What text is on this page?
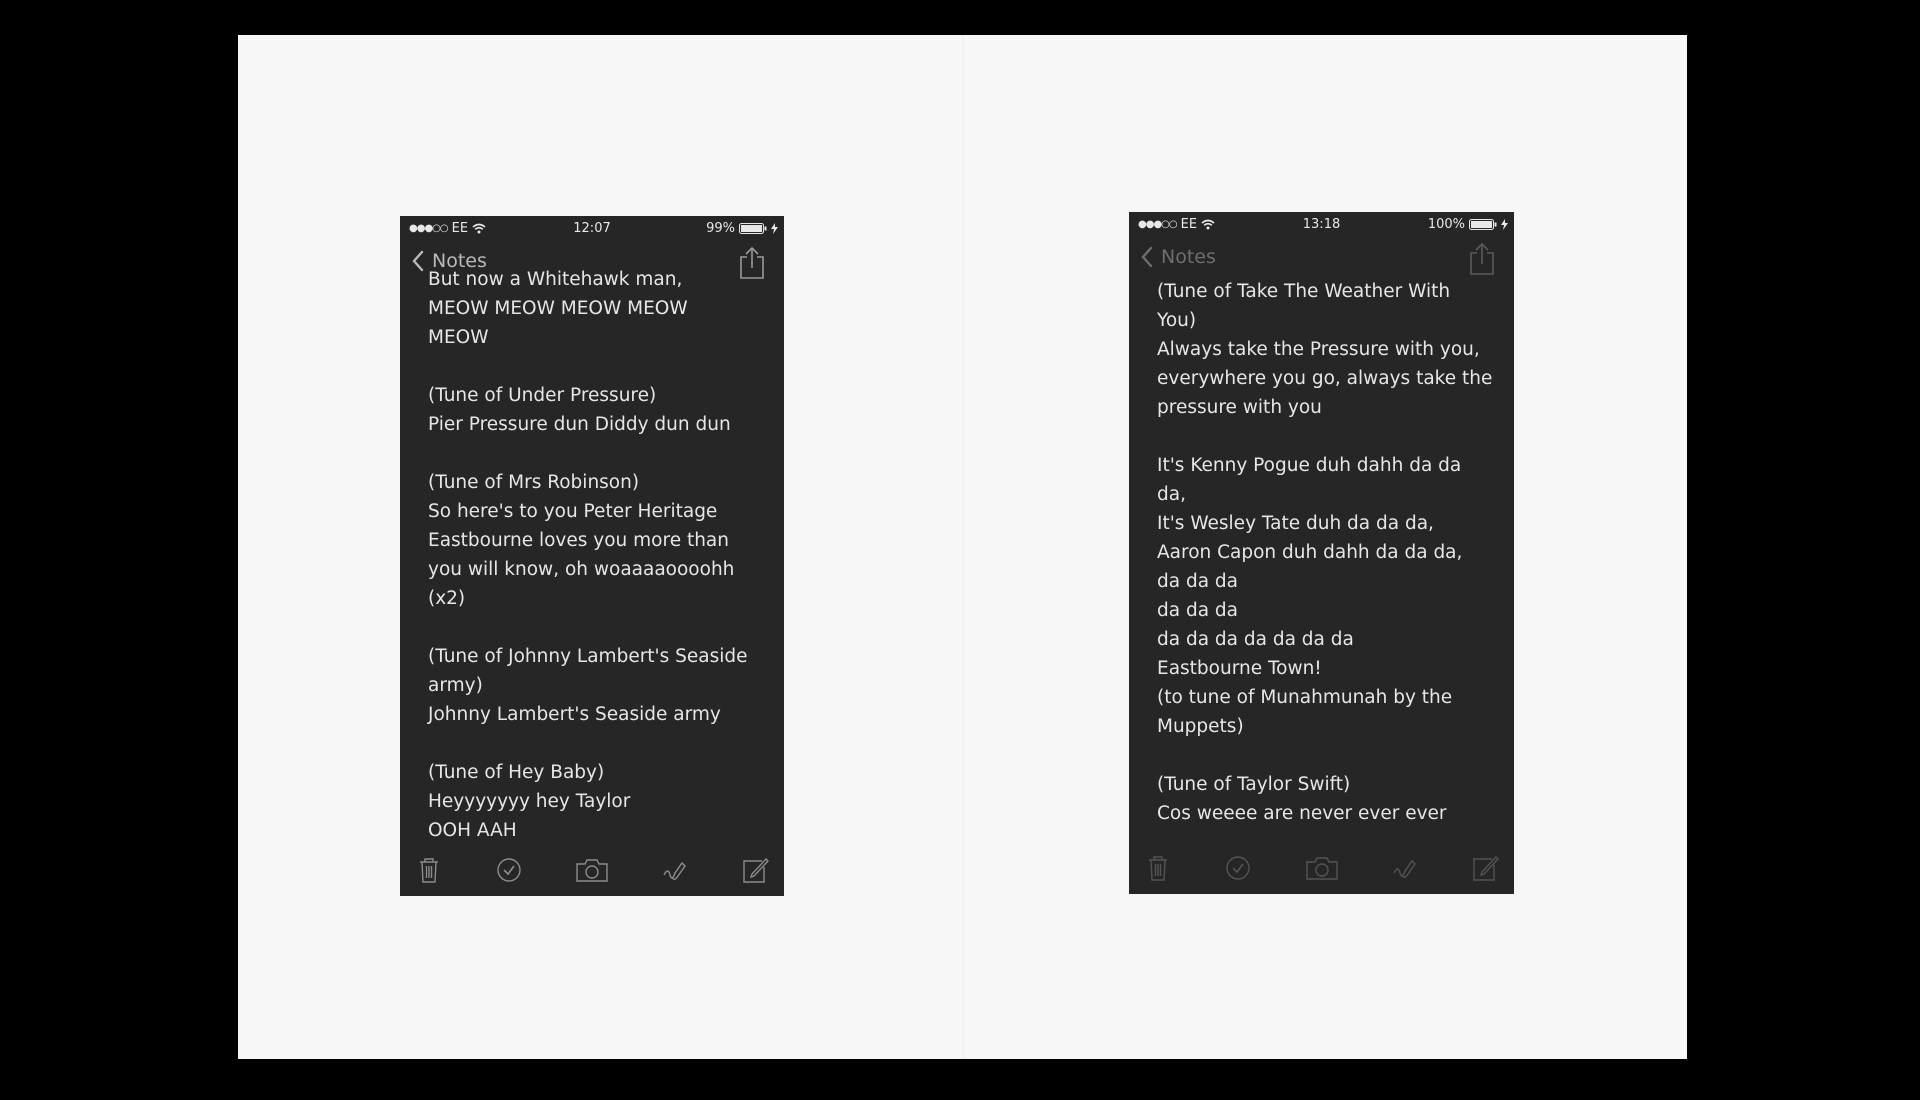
●●●○○ EE	12:07	99%
Notes
But now a Whitehawk man,
MEOW MEOW MEOW MEOW
MEOW

(Tune of Under Pressure)
Pier Pressure dun Diddy dun dun

(Tune of Mrs Robinson)
So here's to you Peter Heritage
Eastbourne loves you more than
you will know, oh woaaaaoooohh
(x2)

(Tune of Johnny Lambert's Seaside
army)
Johnny Lambert's Seaside army

(Tune of Hey Baby)
Heyyyyyyy hey Taylor
OOH AAH
●●●○○ EE	13:18	100%
Notes
(Tune of Take The Weather With
You)
Always take the Pressure with you,
everywhere you go, always take the
pressure with you

It's Kenny Pogue duh dahh da da
da,
It's Wesley Tate duh da da da,
Aaron Capon duh dahh da da da,
da da da
da da da
da da da da da da da
Eastbourne Town!
(to tune of Munahmunah by the
Muppets)

(Tune of Taylor Swift)
Cos weeee are never ever ever
